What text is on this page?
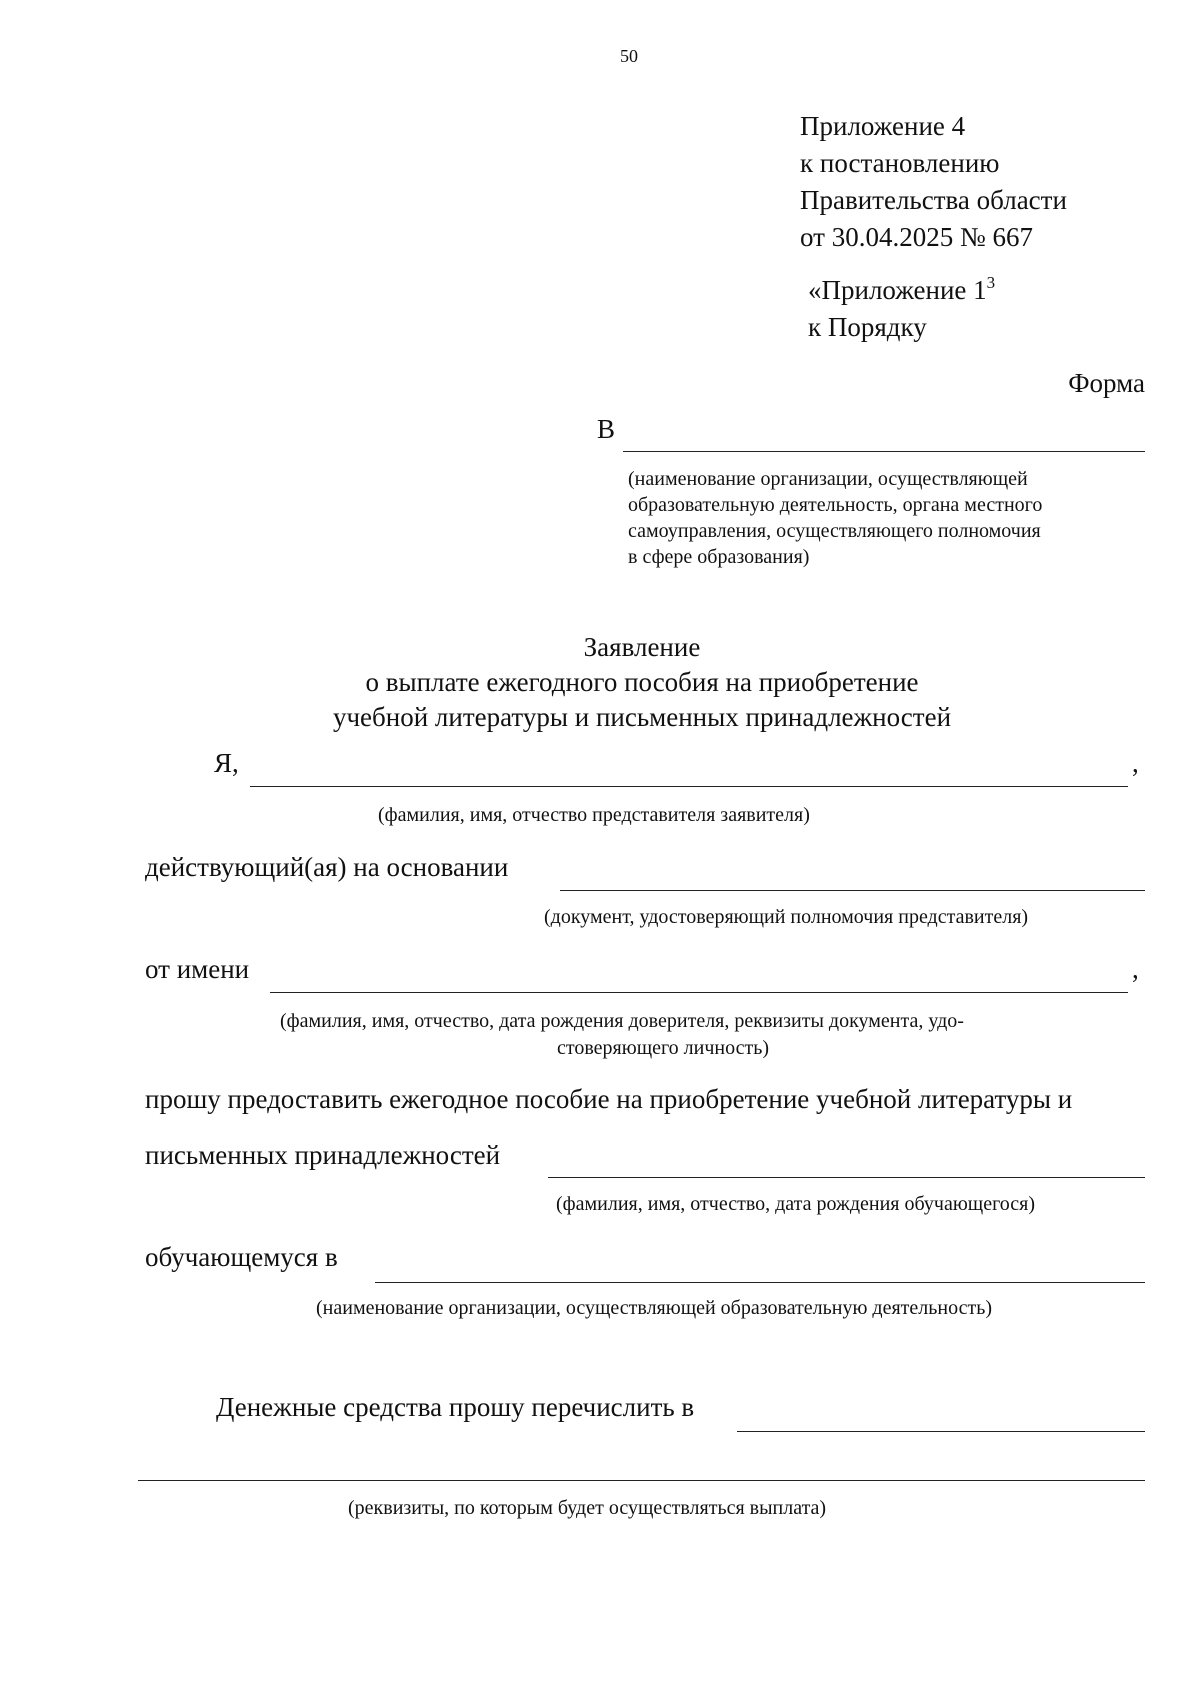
50
Приложение 4
к постановлению
Правительства области
от 30.04.2025 № 667
«Приложение $1^3$
к Порядку
Форма
В
(наименование организации, осуществляющей
образовательную деятельность, органа местного
самоуправления, осуществляющего полномочия
в сфере образования)
Заявление
о выплате ежегодного пособия на приобретение
учебной литературы и письменных принадлежностей
Я,	,
(фамилия, имя, отчество представителя заявителя)
действующий(ая) на основании
(документ, удостоверяющий полномочия представителя)
от имени	,
(фамилия, имя, отчество, дата рождения доверителя, реквизиты документа, удо-
стоверяющего личность)
прошу предоставить ежегодное пособие на приобретение учебной литературы и
письменных принадлежностей
(фамилия, имя, отчество, дата рождения обучающегося)
обучающемуся в
(наименование организации, осуществляющей образовательную деятельность)
Денежные средства прошу перечислить в
(реквизиты, по которым будет осуществляться выплата)
